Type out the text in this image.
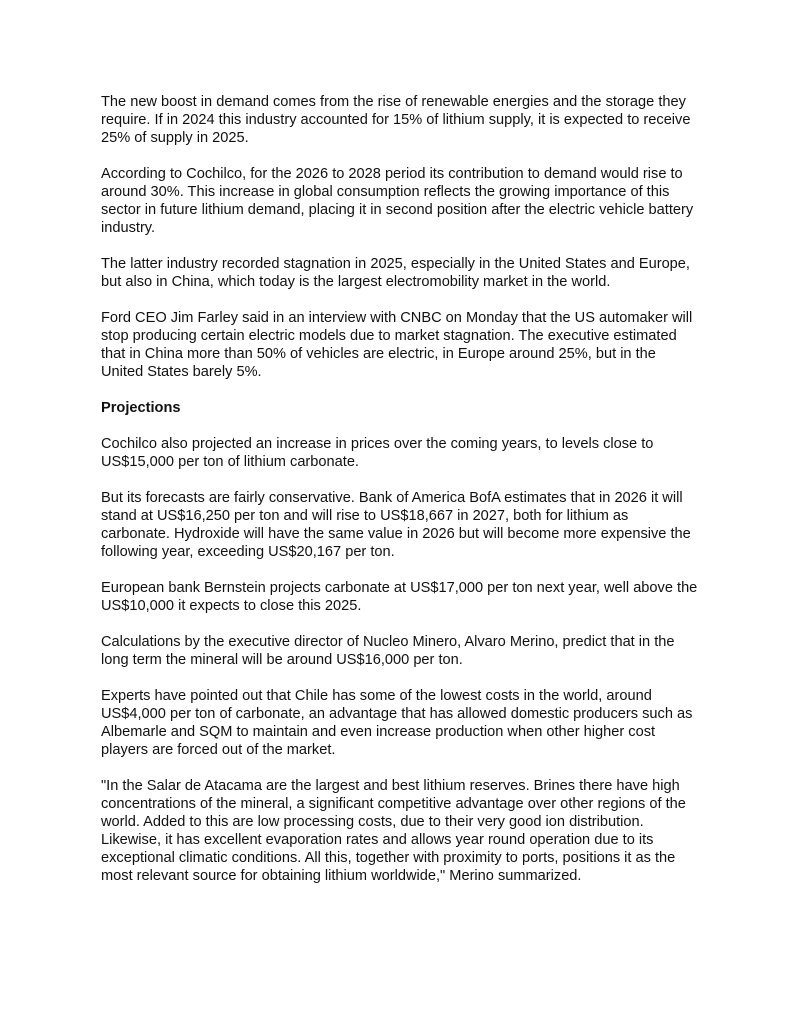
The new boost in demand comes from the rise of renewable energies and the storage they require. If in 2024 this industry accounted for 15% of lithium supply, it is expected to receive 25% of supply in 2025.

According to Cochilco, for the 2026 to 2028 period its contribution to demand would rise to around 30%. This increase in global consumption reflects the growing importance of this sector in future lithium demand, placing it in second position after the electric vehicle battery industry.

The latter industry recorded stagnation in 2025, especially in the United States and Europe, but also in China, which today is the largest electromobility market in the world.

Ford CEO Jim Farley said in an interview with CNBC on Monday that the US automaker will stop producing certain electric models due to market stagnation. The executive estimated that in China more than 50% of vehicles are electric, in Europe around 25%, but in the United States barely 5%.

Projections

Cochilco also projected an increase in prices over the coming years, to levels close to US$15,000 per ton of lithium carbonate.

But its forecasts are fairly conservative. Bank of America BofA estimates that in 2026 it will stand at US$16,250 per ton and will rise to US$18,667 in 2027, both for lithium as carbonate. Hydroxide will have the same value in 2026 but will become more expensive the following year, exceeding US$20,167 per ton.

European bank Bernstein projects carbonate at US$17,000 per ton next year, well above the US$10,000 it expects to close this 2025.

Calculations by the executive director of Nucleo Minero, Alvaro Merino, predict that in the long term the mineral will be around US$16,000 per ton.

Experts have pointed out that Chile has some of the lowest costs in the world, around US$4,000 per ton of carbonate, an advantage that has allowed domestic producers such as Albemarle and SQM to maintain and even increase production when other higher cost players are forced out of the market.

"In the Salar de Atacama are the largest and best lithium reserves. Brines there have high concentrations of the mineral, a significant competitive advantage over other regions of the world. Added to this are low processing costs, due to their very good ion distribution. Likewise, it has excellent evaporation rates and allows year round operation due to its exceptional climatic conditions. All this, together with proximity to ports, positions it as the most relevant source for obtaining lithium worldwide," Merino summarized.
